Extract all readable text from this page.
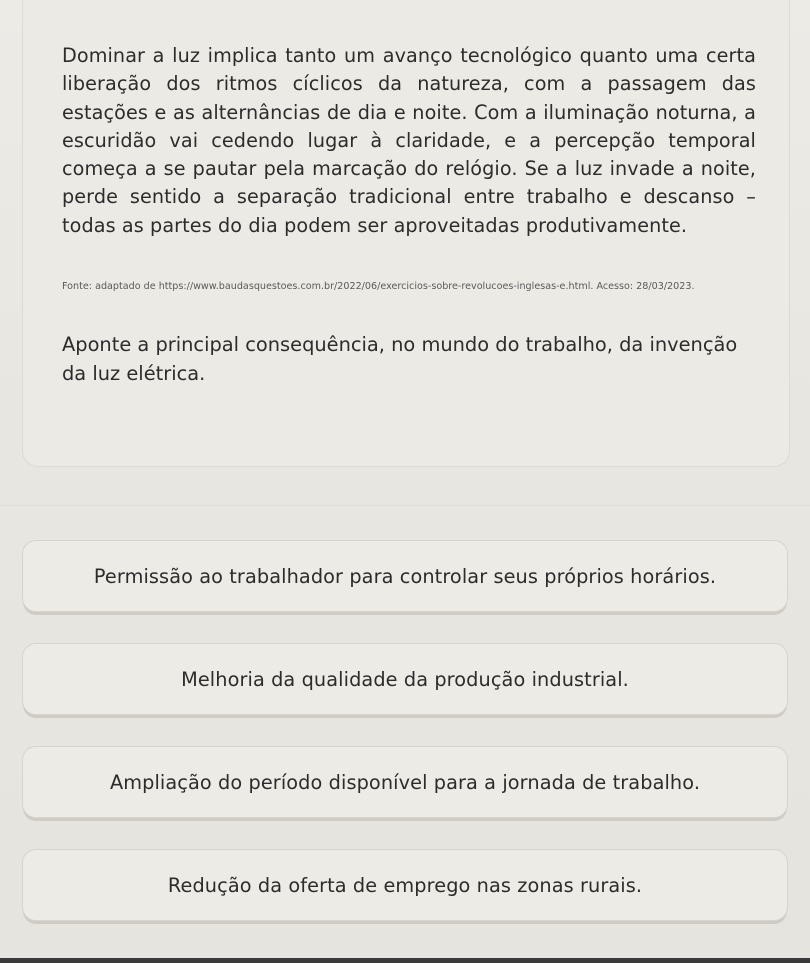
Dominar a luz implica tanto um avanço tecnológico quanto uma certa liberação dos ritmos cíclicos da natureza, com a passagem das estações e as alternâncias de dia e noite. Com a iluminação noturna, a escuridão vai cedendo lugar à claridade, e a percepção temporal começa a se pautar pela marcação do relógio. Se a luz invade a noite, perde sentido a separação tradicional entre trabalho e descanso – todas as partes do dia podem ser aproveitadas produtivamente.

Fonte: adaptado de https://www.baudasquestoes.com.br/2022/06/exercicios-sobre-revolucoes-inglesas-e.html. Acesso: 28/03/2023.

Aponte a principal consequência, no mundo do trabalho, da invenção da luz elétrica.

Permissão ao trabalhador para controlar seus próprios horários.
Melhoria da qualidade da produção industrial.
Ampliação do período disponível para a jornada de trabalho.
Redução da oferta de emprego nas zonas rurais.
